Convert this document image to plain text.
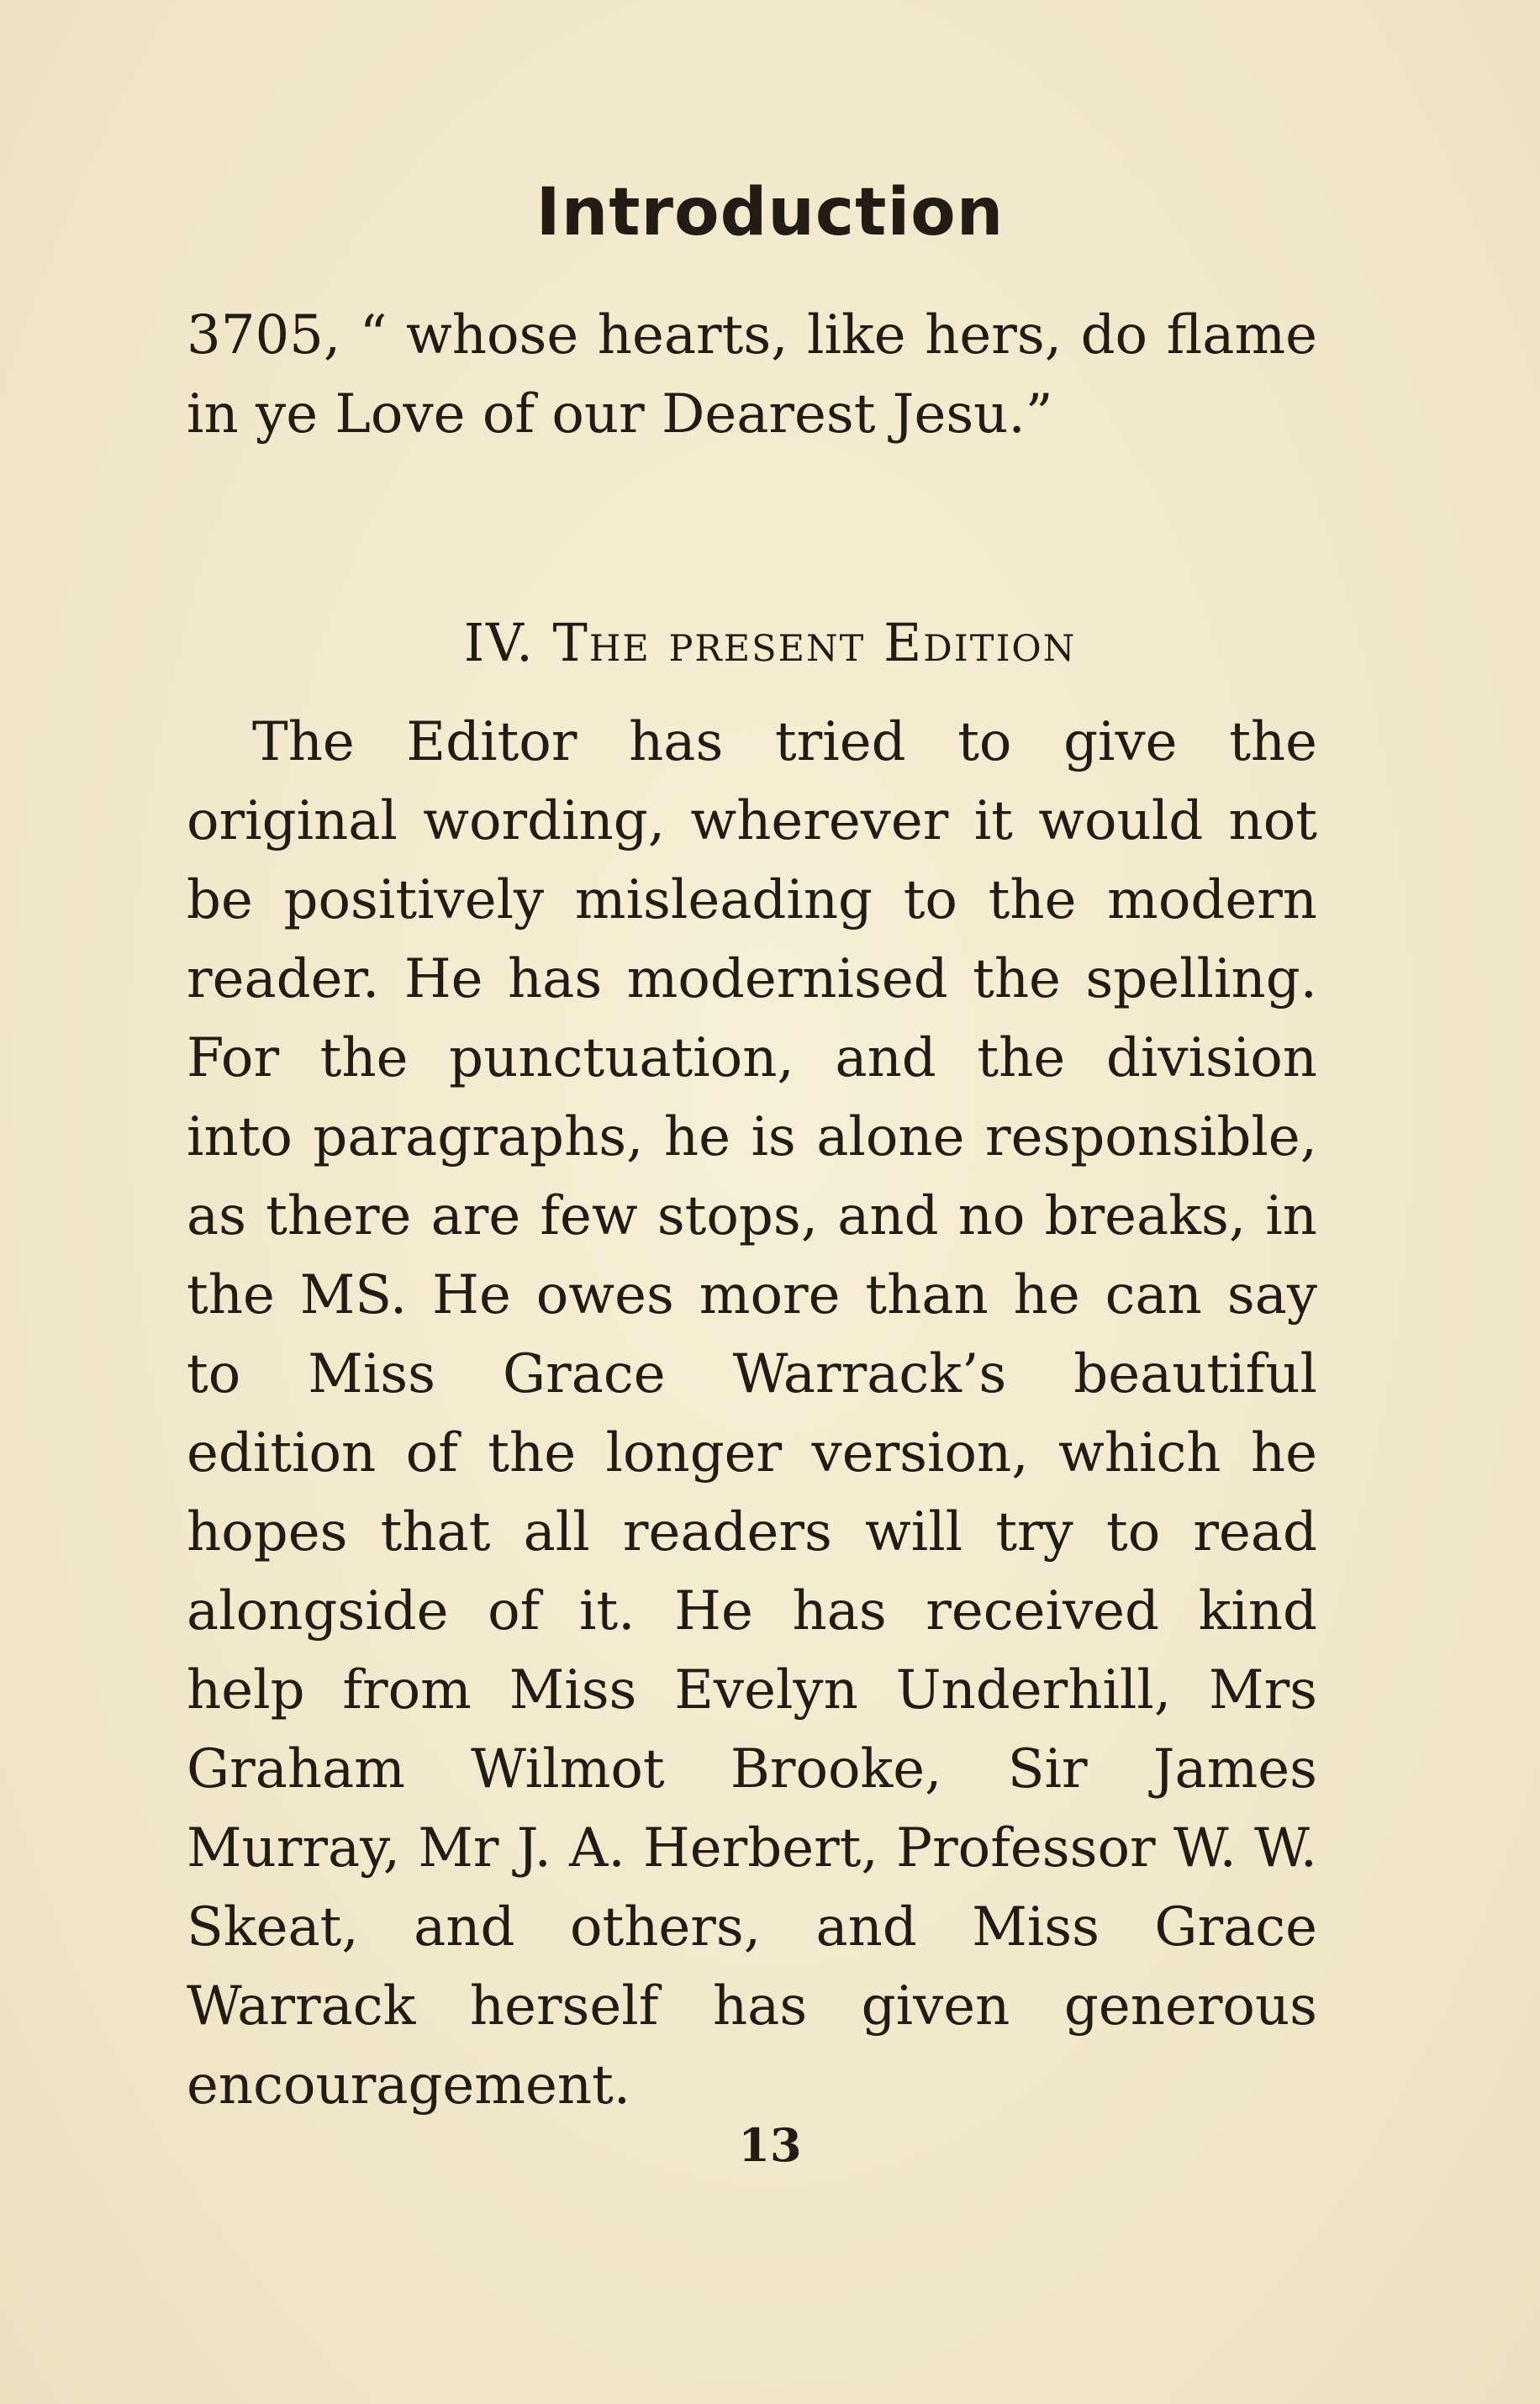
Introduction

3705, “ whose hearts, like hers, do flame in ye Love of our Dearest Jesu.”

IV. The present Edition

The Editor has tried to give the original wording, wherever it would not be positively misleading to the modern reader. He has modernised the spelling. For the punctuation, and the division into paragraphs, he is alone responsible, as there are few stops, and no breaks, in the MS. He owes more than he can say to Miss Grace Warrack’s beautiful edition of the longer version, which he hopes that all readers will try to read alongside of it. He has received kind help from Miss Evelyn Underhill, Mrs Graham Wilmot Brooke, Sir James Murray, Mr J. A. Herbert, Professor W. W. Skeat, and others, and Miss Grace Warrack herself has given generous encouragement.

13
